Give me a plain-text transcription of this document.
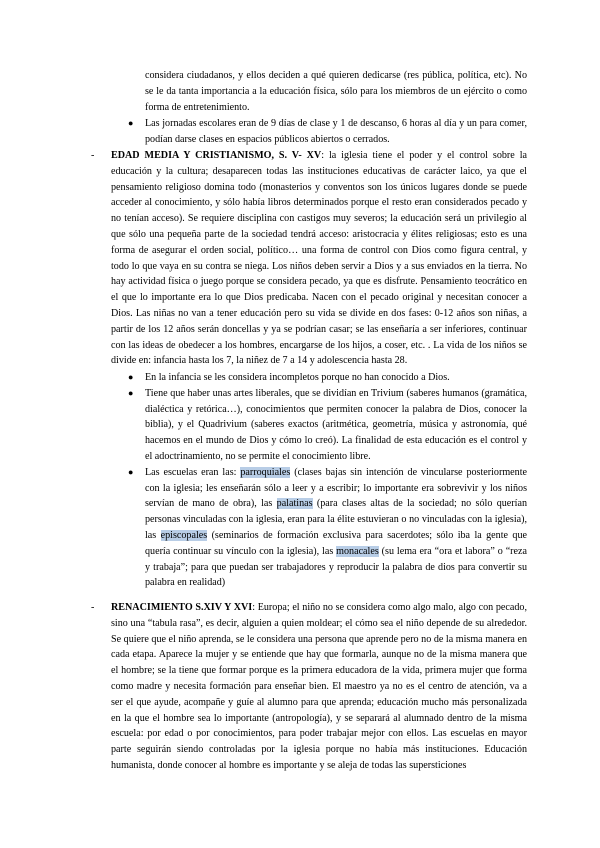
considera ciudadanos, y ellos deciden a qué quieren dedicarse (res pública, política, etc). No se le da tanta importancia a la educación física, sólo para los miembros de un ejército o como forma de entretenimiento.

● Las jornadas escolares eran de 9 días de clase y 1 de descanso, 6 horas al día y un para comer, podían darse clases en espacios públicos abiertos o cerrados.
- EDAD MEDIA Y CRISTIANISMO, S. V- XV: la iglesia tiene el poder y el control sobre la educación y la cultura; desaparecen todas las instituciones educativas de carácter laico, ya que el pensamiento religioso domina todo (monasterios y conventos son los únicos lugares donde se puede acceder al conocimiento, y sólo había libros determinados porque el resto eran considerados pecado y no tenían acceso). Se requiere disciplina con castigos muy severos; la educación será un privilegio al que sólo una pequeña parte de la sociedad tendrá acceso: aristocracia y élites religiosas; esto es una forma de asegurar el orden social, político… una forma de control con Dios como figura central, y todo lo que vaya en su contra se niega. Los niños deben servir a Dios y a sus enviados en la tierra. No hay actividad física o juego porque se considera pecado, ya que es disfrute. Pensamiento teocrático en el que lo importante era lo que Dios predicaba. Nacen con el pecado original y necesitan conocer a Dios. Las niñas no van a tener educación pero su vida se divide en dos fases: 0-12 años son niñas, a partir de los 12 años serán doncellas y ya se podrían casar; se las enseñaría a ser inferiores, continuar con las ideas de obedecer a los hombres, encargarse de los hijos, a coser, etc. . La vida de los niños se divide en: infancia hasta los 7, la niñez de 7 a 14 y adolescencia hasta 28.
● En la infancia se les considera incompletos porque no han conocido a Dios.
● Tiene que haber unas artes liberales, que se dividían en Trivium (saberes humanos (gramática, dialéctica y retórica…), conocimientos que permiten conocer la palabra de Dios, conocer la biblia), y el Quadrivium (saberes exactos (aritmética, geometría, música y astronomía, qué hacemos en el mundo de Dios y cómo lo creó). La finalidad de esta educación es el control y el adoctrinamiento, no se permite el conocimiento libre.
● Las escuelas eran las: parroquiales (clases bajas sin intención de vincularse posteriormente con la iglesia; les enseñarán sólo a leer y a escribir; lo importante era sobrevivir y los niños servían de mano de obra), las palatinas (para clases altas de la sociedad; no sólo querían personas vinculadas con la iglesia, eran para la élite estuvieran o no vinculadas con la iglesia), las episcopales (seminarios de formación exclusiva para sacerdotes; sólo iba la gente que quería continuar su vínculo con la iglesia), las monacales (su lema era “ora et labora” o “reza y trabaja”; para que puedan ser trabajadores y reproducir la palabra de dios para convertir su palabra en realidad)
- RENACIMIENTO S.XIV Y XVI: Europa; el niño no se considera como algo malo, algo con pecado, sino una “tabula rasa”, es decir, alguien a quien moldear; el cómo sea el niño depende de su alrededor. Se quiere que el niño aprenda, se le considera una persona que aprende pero no de la misma manera en cada etapa. Aparece la mujer y se entiende que hay que formarla, aunque no de la misma manera que el hombre; se la tiene que formar porque es la primera educadora de la vida, primera mujer que forma como madre y necesita formación para enseñar bien. El maestro ya no es el centro de atención, va a ser el que ayude, acompañe y guíe al alumno para que aprenda; educación mucho más personalizada en la que el hombre sea lo importante (antropología), y se separará al alumnado dentro de la misma escuela: por edad o por conocimientos, para poder trabajar mejor con ellos. Las escuelas en mayor parte seguirán siendo controladas por la iglesia porque no había más instituciones. Educación humanista, donde conocer al hombre es importante y se aleja de todas las supersticiones
